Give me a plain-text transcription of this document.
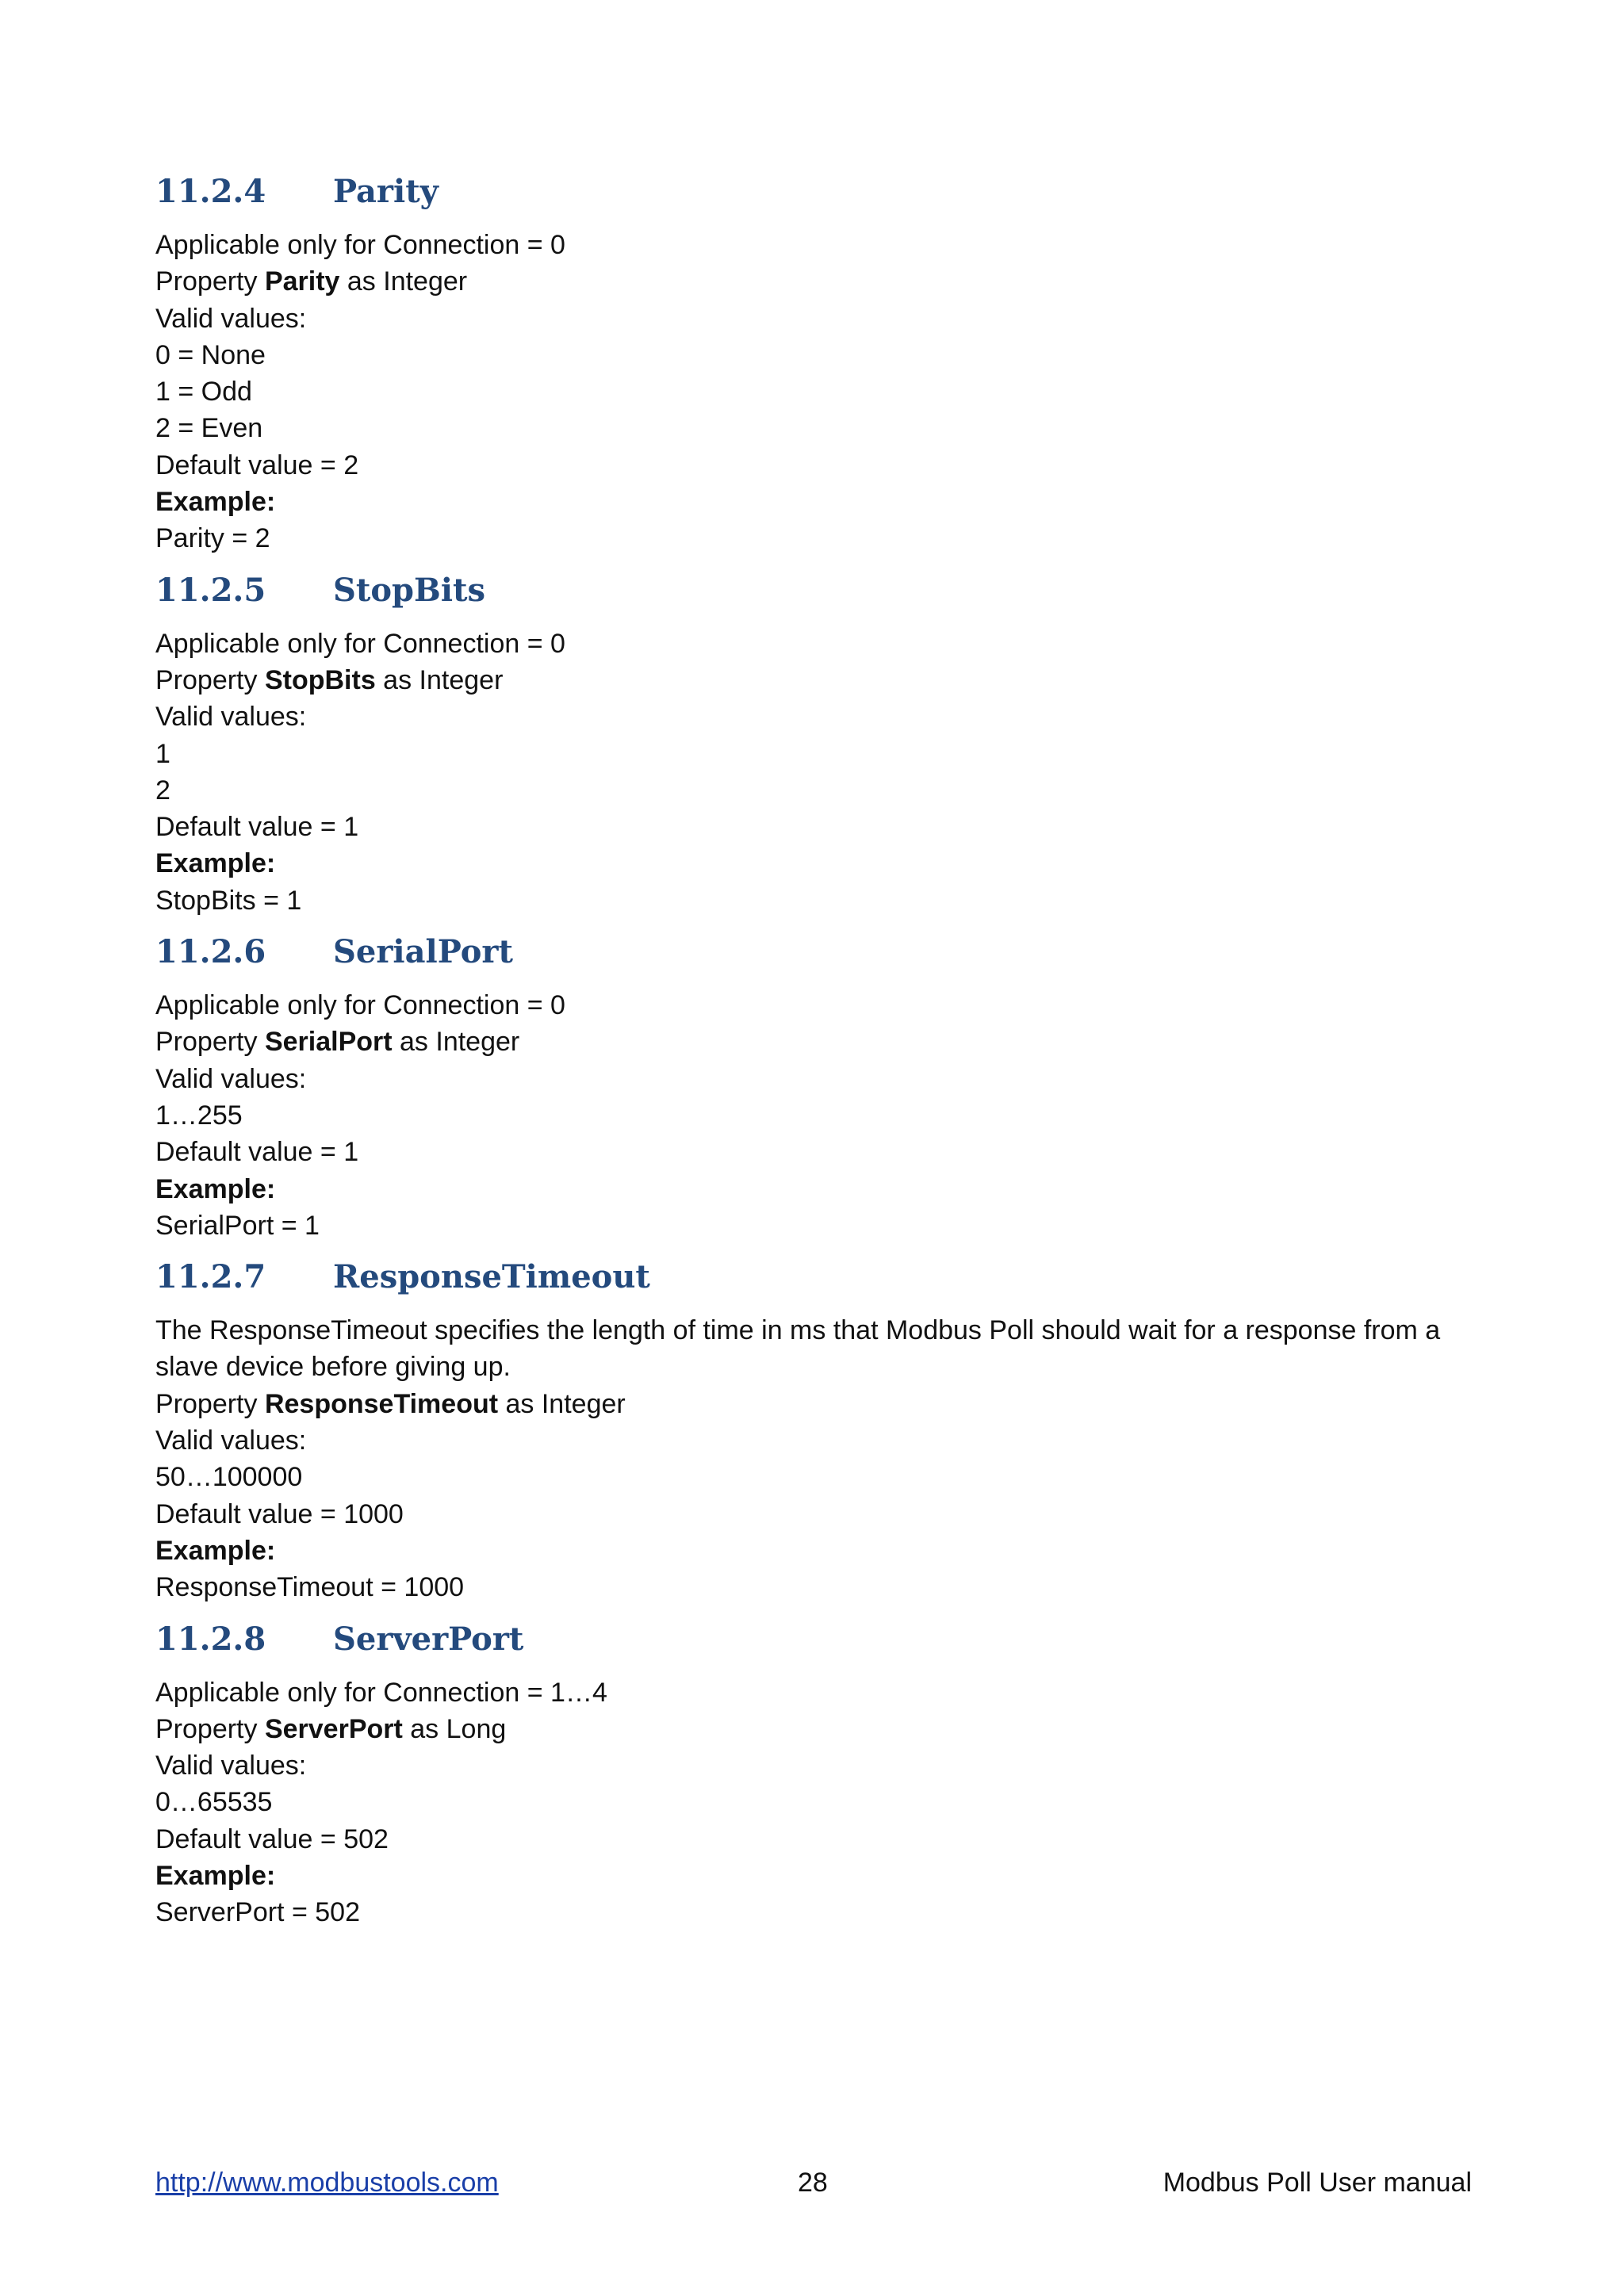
11.2.4	Parity
Applicable only for Connection = 0
Property Parity as Integer
Valid values:
0 = None
1 = Odd
2 = Even
Default value = 2
Example:
Parity = 2
11.2.5	StopBits
Applicable only for Connection = 0
Property StopBits as Integer
Valid values:
1
2
Default value = 1
Example:
StopBits = 1
11.2.6	SerialPort
Applicable only for Connection = 0
Property SerialPort as Integer
Valid values:
1…255
Default value = 1
Example:
SerialPort = 1
11.2.7	ResponseTimeout
The ResponseTimeout specifies the length of time in ms that Modbus Poll should wait for a response from a slave device before giving up.
Property ResponseTimeout as Integer
Valid values:
50…100000
Default value = 1000
Example:
ResponseTimeout = 1000
11.2.8	ServerPort
Applicable only for Connection = 1…4
Property ServerPort as Long
Valid values:
0…65535
Default value = 502
Example:
ServerPort = 502
http://www.modbustools.com	28	Modbus Poll User manual
